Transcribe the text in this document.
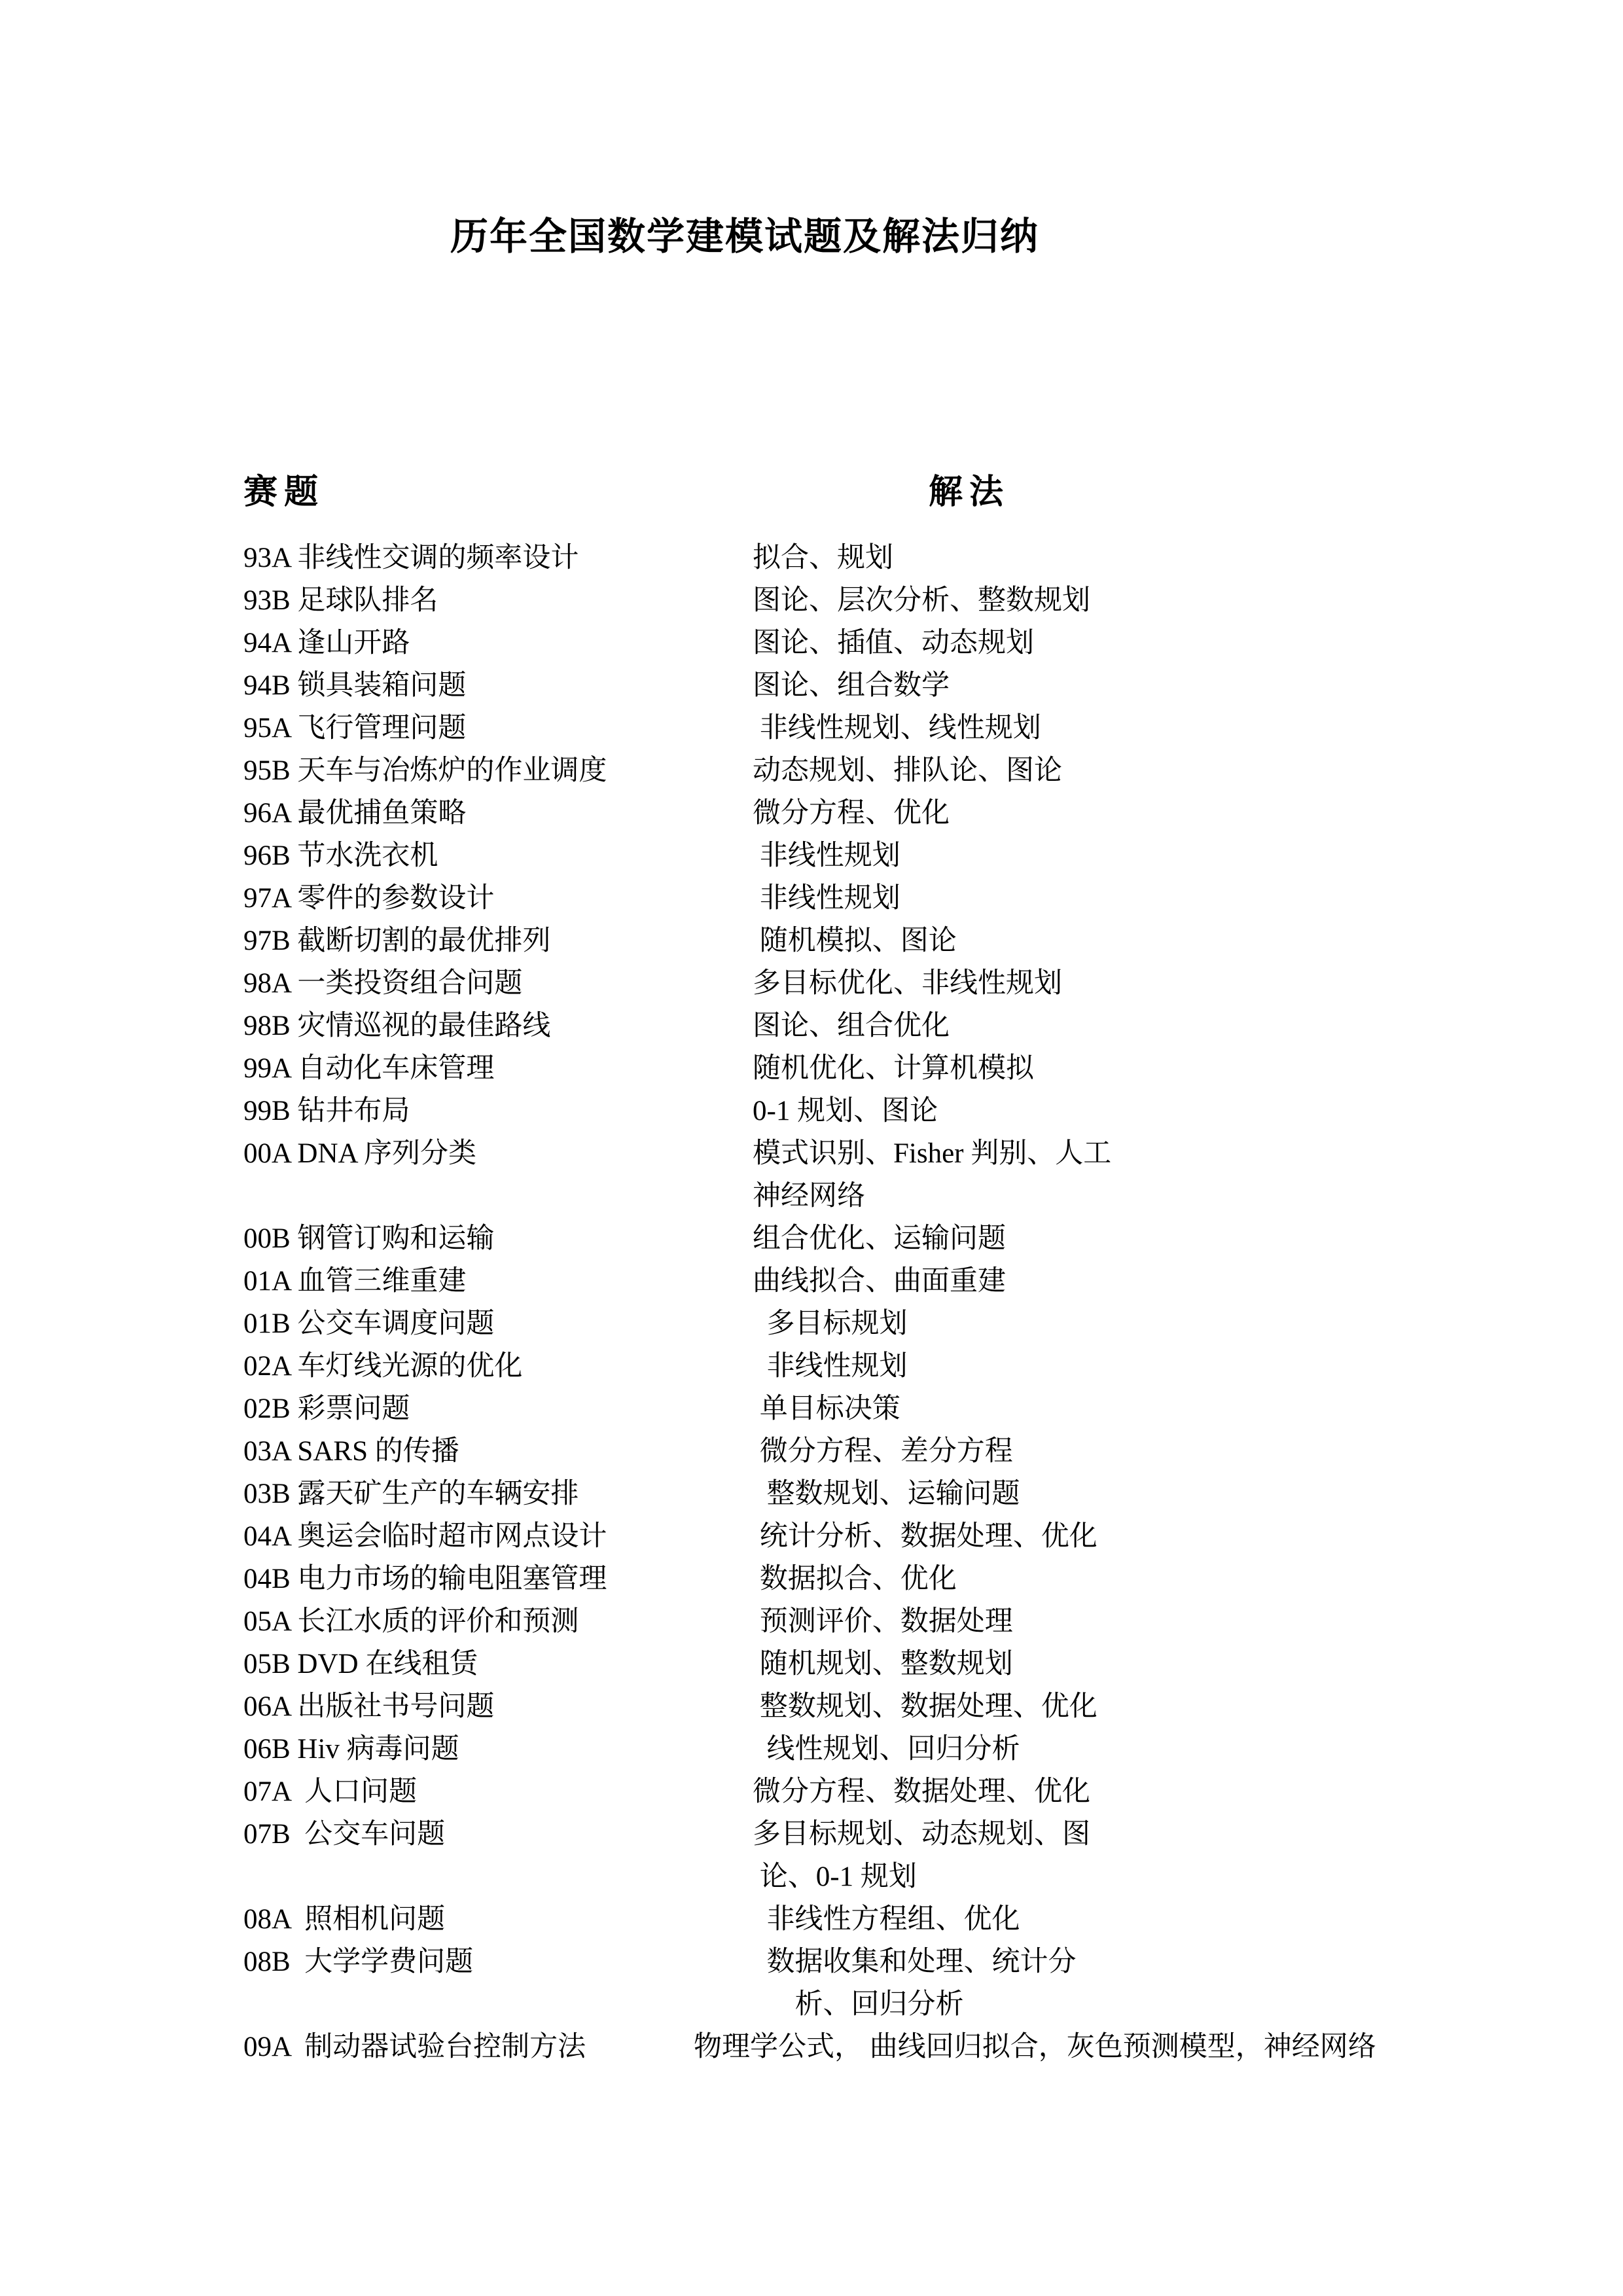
历年全国数学建模试题及解法归纳
赛题	解法
93A 非线性交调的频率设计	拟合、规划
93B 足球队排名	图论、层次分析、整数规划
94A 逢山开路	图论、插值、动态规划
94B 锁具装箱问题	图论、组合数学
95A 飞行管理问题	非线性规划、线性规划
95B 天车与冶炼炉的作业调度	动态规划、排队论、图论
96A 最优捕鱼策略	微分方程、优化
96B 节水洗衣机	非线性规划
97A 零件的参数设计	非线性规划
97B 截断切割的最优排列	随机模拟、图论
98A 一类投资组合问题	多目标优化、非线性规划
98B 灾情巡视的最佳路线	图论、组合优化
99A 自动化车床管理	随机优化、计算机模拟
99B 钻井布局	0-1 规划、图论
00A DNA 序列分类	模式识别、Fisher 判别、人工
神经网络
00B 钢管订购和运输	组合优化、运输问题
01A 血管三维重建	曲线拟合、曲面重建
01B 公交车调度问题	多目标规划
02A 车灯线光源的优化	非线性规划
02B 彩票问题	单目标决策
03A SARS 的传播	微分方程、差分方程
03B 露天矿生产的车辆安排	整数规划、运输问题
04A 奥运会临时超市网点设计	统计分析、数据处理、优化
04B 电力市场的输电阻塞管理	数据拟合、优化
05A 长江水质的评价和预测	预测评价、数据处理
05B DVD 在线租赁	随机规划、整数规划
06A 出版社书号问题	整数规划、数据处理、优化
06B Hiv 病毒问题	线性规划、回归分析
07A  人口问题	微分方程、数据处理、优化
07B  公交车问题	多目标规划、动态规划、图
论、0-1 规划
08A  照相机问题	非线性方程组、优化
08B  大学学费问题	数据收集和处理、统计分
　  析、回归分析
09A  制动器试验台控制方法	物理学公式， 曲线回归拟合，灰色预测模型，神经网络
